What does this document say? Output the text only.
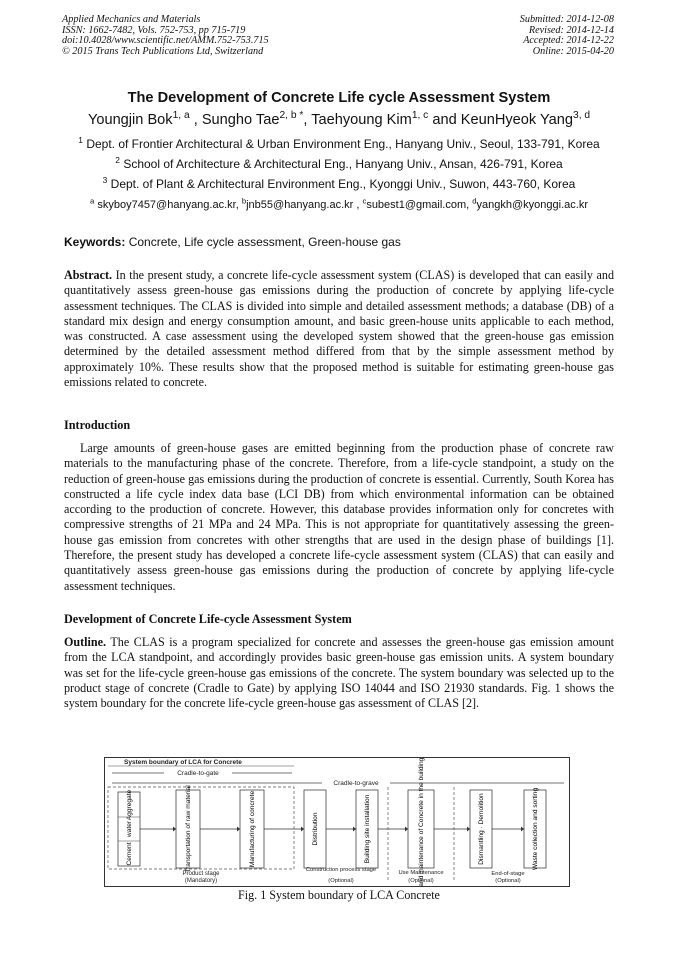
Applied Mechanics and Materials
ISSN: 1662-7482, Vols. 752-753, pp 715-719
doi:10.4028/www.scientific.net/AMM.752-753.715
© 2015 Trans Tech Publications Ltd, Switzerland
Submitted: 2014-12-08
Revised: 2014-12-14
Accepted: 2014-12-22
Online: 2015-04-20
The Development of Concrete Life cycle Assessment System
Youngjin Bok$^{1, a}$ , Sungho Tae$^{2, b *}$, Taehyoung Kim$^{1, c}$ and KeunHyeok Yang$^{3, d}$
$^1$ Dept. of Frontier Architectural & Urban Environment Eng., Hanyang Univ., Seoul, 133-791, Korea
$^2$ School of Architecture & Architectural Eng., Hanyang Univ., Ansan, 426-791, Korea
$^3$ Dept. of Plant & Architectural Environment Eng., Kyonggi Univ., Suwon, 443-760, Korea
$^a$ skyboy7457@hanyang.ac.kr, $^b$jnb55@hanyang.ac.kr , $^c$subest1@gmail.com, $^d$yangkh@kyonggi.ac.kr
Keywords: Concrete, Life cycle assessment, Green-house gas
Abstract. In the present study, a concrete life-cycle assessment system (CLAS) is developed that can easily and quantitatively assess green-house gas emissions during the production of concrete by applying life-cycle assessment techniques. The CLAS is divided into simple and detailed assessment methods; a database (DB) of a standard mix design and energy consumption amount, and basic green-house units applicable to each method, was constructed. A case assessment using the developed system showed that the green-house gas emission determined by the detailed assessment method differed from that by the simple assessment method by approximately 10%. These results show that the proposed method is suitable for estimating green-house gas emissions related to concrete.
Introduction
Large amounts of green-house gases are emitted beginning from the production phase of concrete raw materials to the manufacturing phase of the concrete. Therefore, from a life-cycle standpoint, a study on the reduction of green-house gas emissions during the production of concrete is essential. Currently, South Korea has constructed a life cycle index data base (LCI DB) from which environmental information can be obtained according to the production of concrete. However, this database provides information only for concretes with compressive strengths of 21 MPa and 24 MPa. This is not appropriate for quantitatively assessing the green-house gas emission from concretes with other strengths that are used in the design phase of buildings [1]. Therefore, the present study has developed a concrete life-cycle assessment system (CLAS) that can easily and quantitatively assess green-house gas emissions during the production of concrete by applying life-cycle assessment techniques.
Development of Concrete Life-cycle Assessment System
Outline. The CLAS is a program specialized for concrete and assesses the green-house gas emission amount from the LCA standpoint, and accordingly provides basic green-house gas emission units. A system boundary was set for the life-cycle green-house gas emissions of the concrete. The system boundary was selected up to the product stage of concrete (Cradle to Gate) by applying ISO 14044 and ISO 21930 standards. Fig. 1 shows the system boundary for the concrete life-cycle green-house gas assessment of CLAS [2].
System boundary of LCA for Concrete
Cradle-to-gate
Cradle-to-grave
Aggregate
water
Cement	Transportation of raw material	Manufacturing of concrete	Distribution	Building site installation	Use and maintenance of Concrete in the building	Dismantling · Demolition	Waste collection and sorting
Product stage
(Mandatory)
Construction process stage
(Optional)
Use Maintenance
(Optional)
End-of-stage
(Optional)
Fig. 1 System boundary of LCA Concrete
